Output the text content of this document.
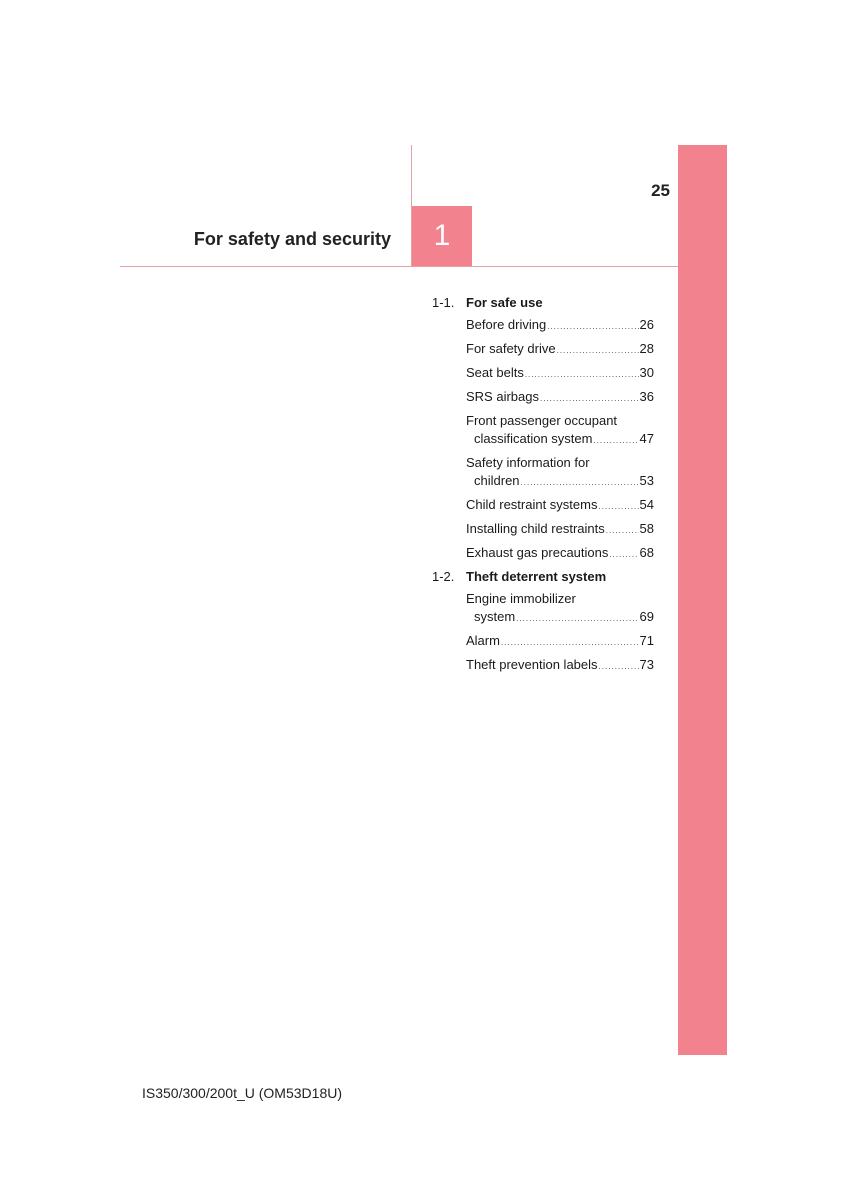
25
For safety and security 1
1-1. For safe use
Before driving .....	26
For safety drive .....	28
Seat belts .....	30
SRS airbags .....	36
Front passenger occupant
classification system .....	47
Safety information for
children .....	53
Child restraint systems .....	54
Installing child restraints .....	58
Exhaust gas precautions ..... 68
1-2. Theft deterrent system
Engine immobilizer
system .....	69
Alarm .....	71
Theft prevention labels .....	73
IS350/300/200t_U (OM53D18U)
